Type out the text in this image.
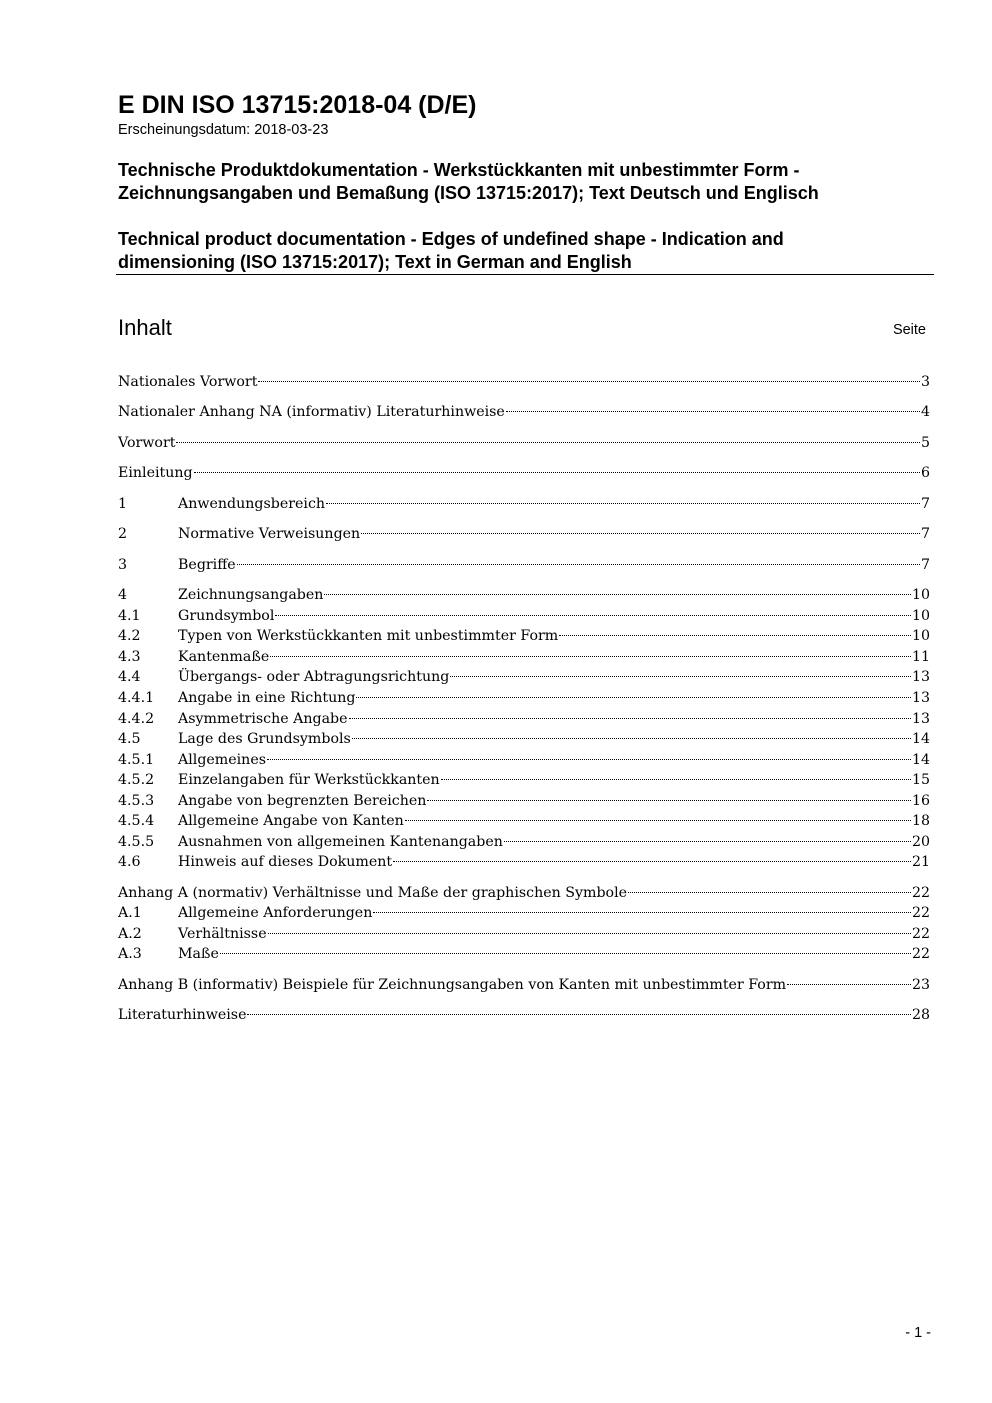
E DIN ISO 13715:2018-04 (D/E)
Erscheinungsdatum: 2018-03-23
Technische Produktdokumentation - Werkstückkanten mit unbestimmter Form -
Zeichnungsangaben und Bemaßung (ISO 13715:2017); Text Deutsch und Englisch
Technical product documentation - Edges of undefined shape - Indication and
dimensioning (ISO 13715:2017); Text in German and English
Inhalt	Seite
Nationales Vorwort	3
Nationaler Anhang NA (informativ) Literaturhinweise	4
Vorwort	5
Einleitung	6
1	Anwendungsbereich	7
2	Normative Verweisungen	7
3	Begriffe	7
4	Zeichnungsangaben	10
4.1	Grundsymbol	10
4.2	Typen von Werkstückkanten mit unbestimmter Form	10
4.3	Kantenmaße	11
4.4	Übergangs- oder Abtragungsrichtung	13
4.4.1	Angabe in eine Richtung	13
4.4.2	Asymmetrische Angabe	13
4.5	Lage des Grundsymbols	14
4.5.1	Allgemeines	14
4.5.2	Einzelangaben für Werkstückkanten	15
4.5.3	Angabe von begrenzten Bereichen	16
4.5.4	Allgemeine Angabe von Kanten	18
4.5.5	Ausnahmen von allgemeinen Kantenangaben	20
4.6	Hinweis auf dieses Dokument	21
Anhang A (normativ) Verhältnisse und Maße der graphischen Symbole	22
A.1	Allgemeine Anforderungen	22
A.2	Verhältnisse	22
A.3	Maße	22
Anhang B (informativ) Beispiele für Zeichnungsangaben von Kanten mit unbestimmter Form	23
Literaturhinweise	28
- 1 -
